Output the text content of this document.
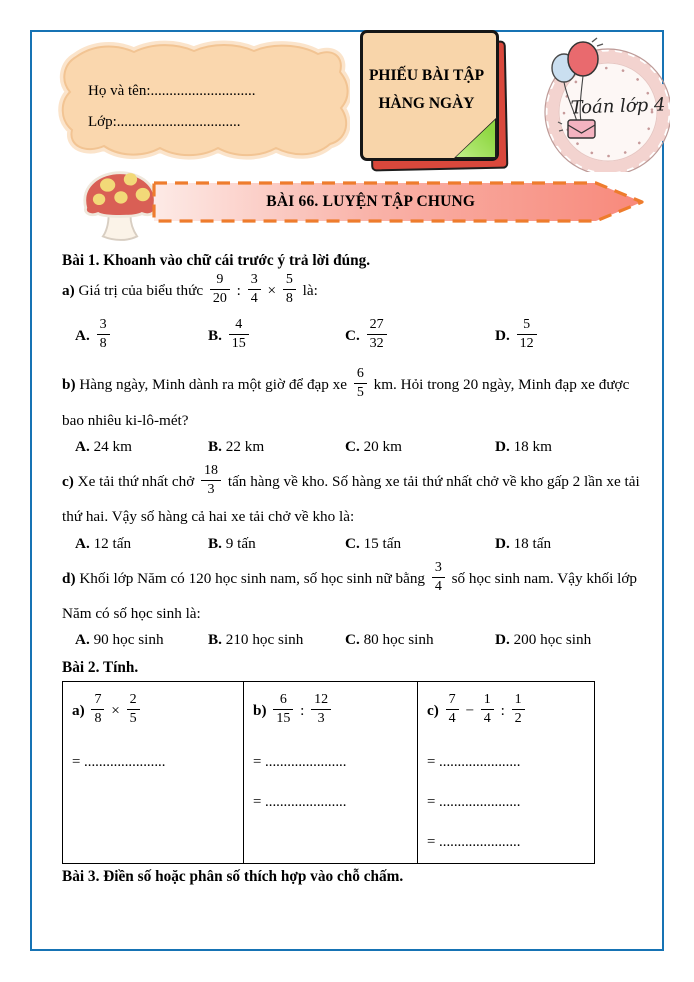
Họ và tên:............................
Lớp:.................................
PHIẾU BÀI TẬP
HÀNG NGÀY	Toán lớp 4
BÀI 66. LUYỆN TẬP CHUNG
Bài 1. Khoanh vào chữ cái trước ý trả lời đúng.
a) Giá trị của biểu thức $\frac{9}{20}$ : $\frac{3}{4} \times \frac{5}{8}$ là:
A. $\frac{3}{8}$	B. $\frac{4}{15}$	C. $\frac{27}{32}$	D. $\frac{5}{12}$
b) Hàng ngày, Minh dành ra một giờ để đạp xe $\frac{6}{5}$ km. Hỏi trong 20 ngày, Minh đạp xe được bao nhiêu ki-lô-mét?
A. 24 km	B. 22 km	C. 20 km	D. 18 km
c) Xe tải thứ nhất chở $\frac{18}{3}$ tấn hàng về kho. Số hàng xe tải thứ nhất chở về kho gấp 2 lần xe tải thứ hai. Vậy số hàng cả hai xe tải chở về kho là:
A. 12 tấn	B. 9 tấn	C. 15 tấn	D. 18 tấn
d) Khối lớp Năm có 120 học sinh nam, số học sinh nữ bằng $\frac{3}{4}$ số học sinh nam. Vậy khối lớp Năm có số học sinh là:
A. 90 học sinh	B. 210 học sinh	C. 80 học sinh	D. 200 học sinh
Bài 2. Tính.
$a) \frac{7}{8} \times \frac{2}{5}$
= ......................
$b) \frac{6}{15}$ : $\frac{12}{3}$
= ......................
= ......................
$c) \frac{7}{4} - \frac{1}{4}$ : $\frac{1}{2}$
= ......................
= ......................
= ......................
Bài 3. Điền số hoặc phân số thích hợp vào chỗ chấm.
